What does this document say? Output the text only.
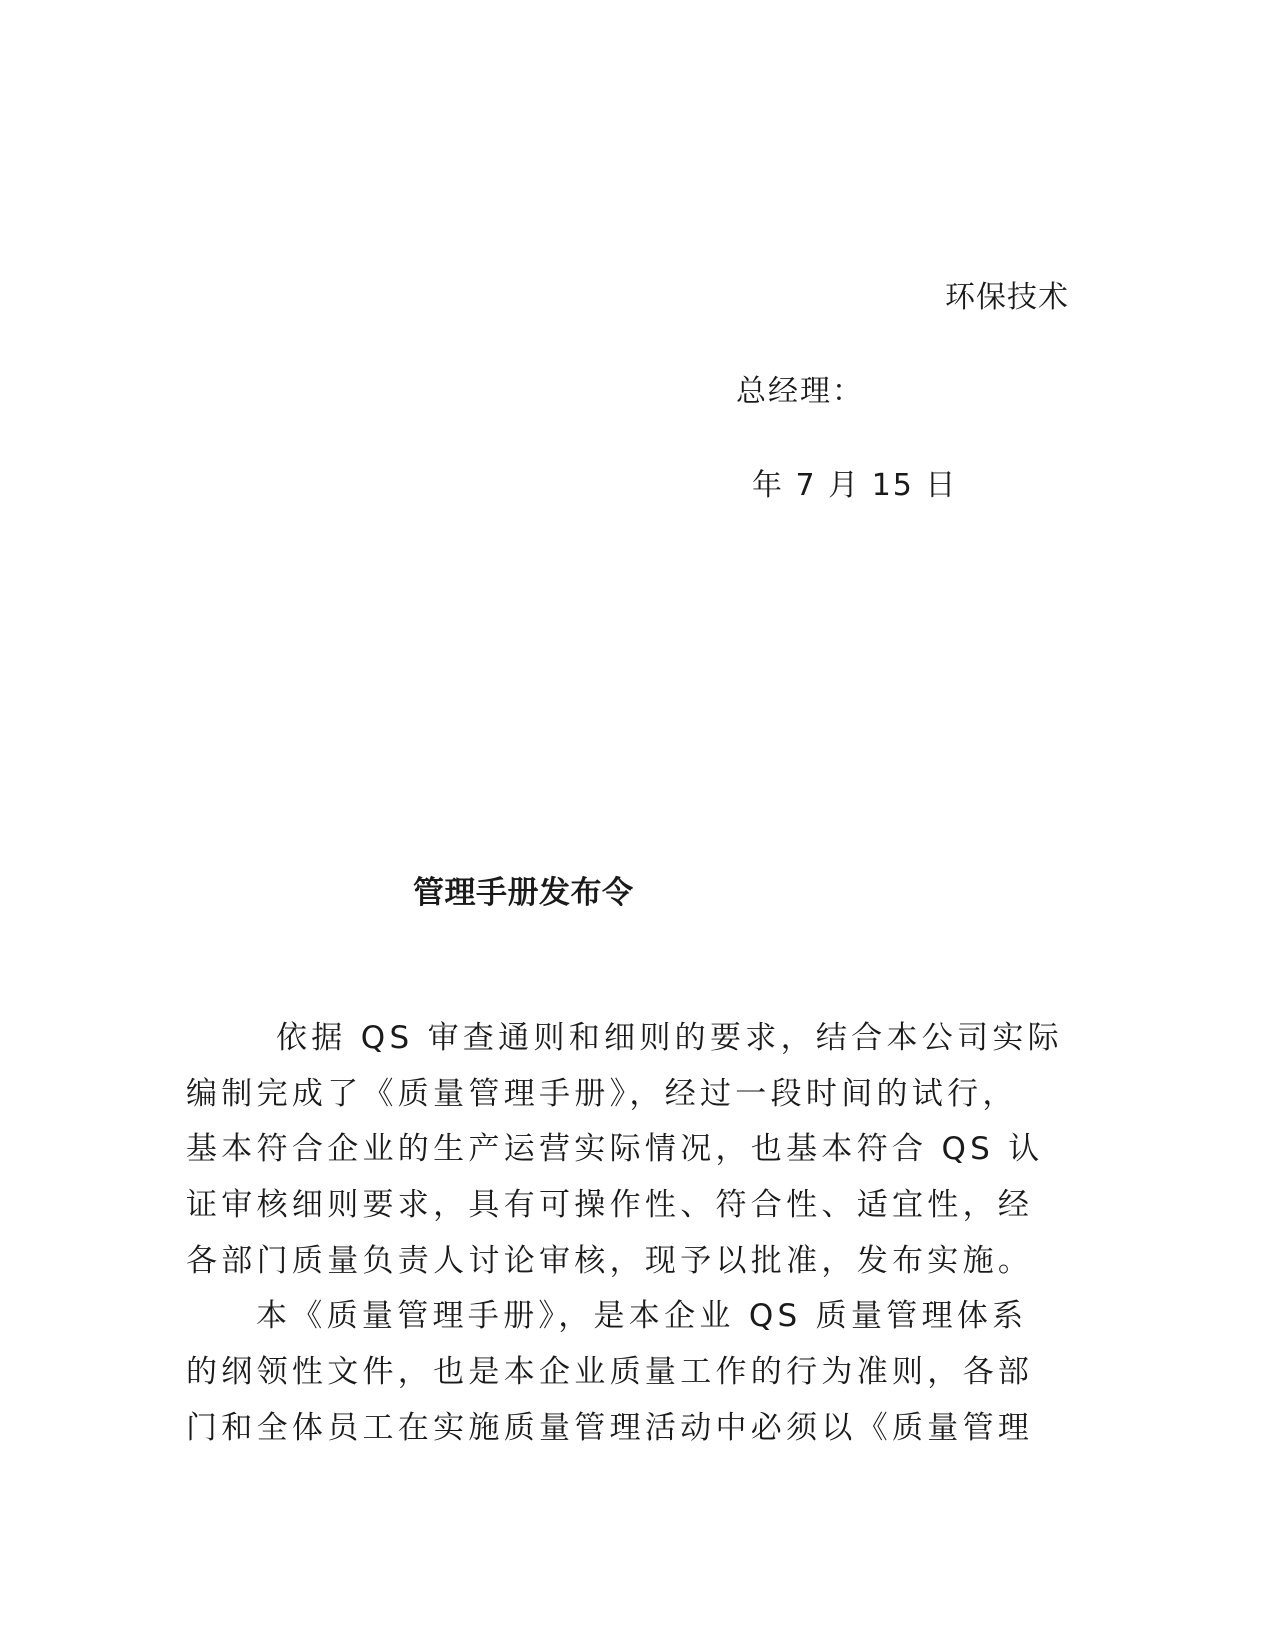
环保技术
总经理：
年 7 月 15 日
管理手册发布令
依据 QS 审查通则和细则的要求，结合本公司实际
编制完成了《质量管理手册》，经过一段时间的试行，
基本符合企业的生产运营实际情况，也基本符合 QS 认
证审核细则要求，具有可操作性、符合性、适宜性，经
各部门质量负责人讨论审核，现予以批准，发布实施。
本《质量管理手册》，是本企业 QS 质量管理体系
的纲领性文件，也是本企业质量工作的行为准则，各部
门和全体员工在实施质量管理活动中必须以《质量管理
